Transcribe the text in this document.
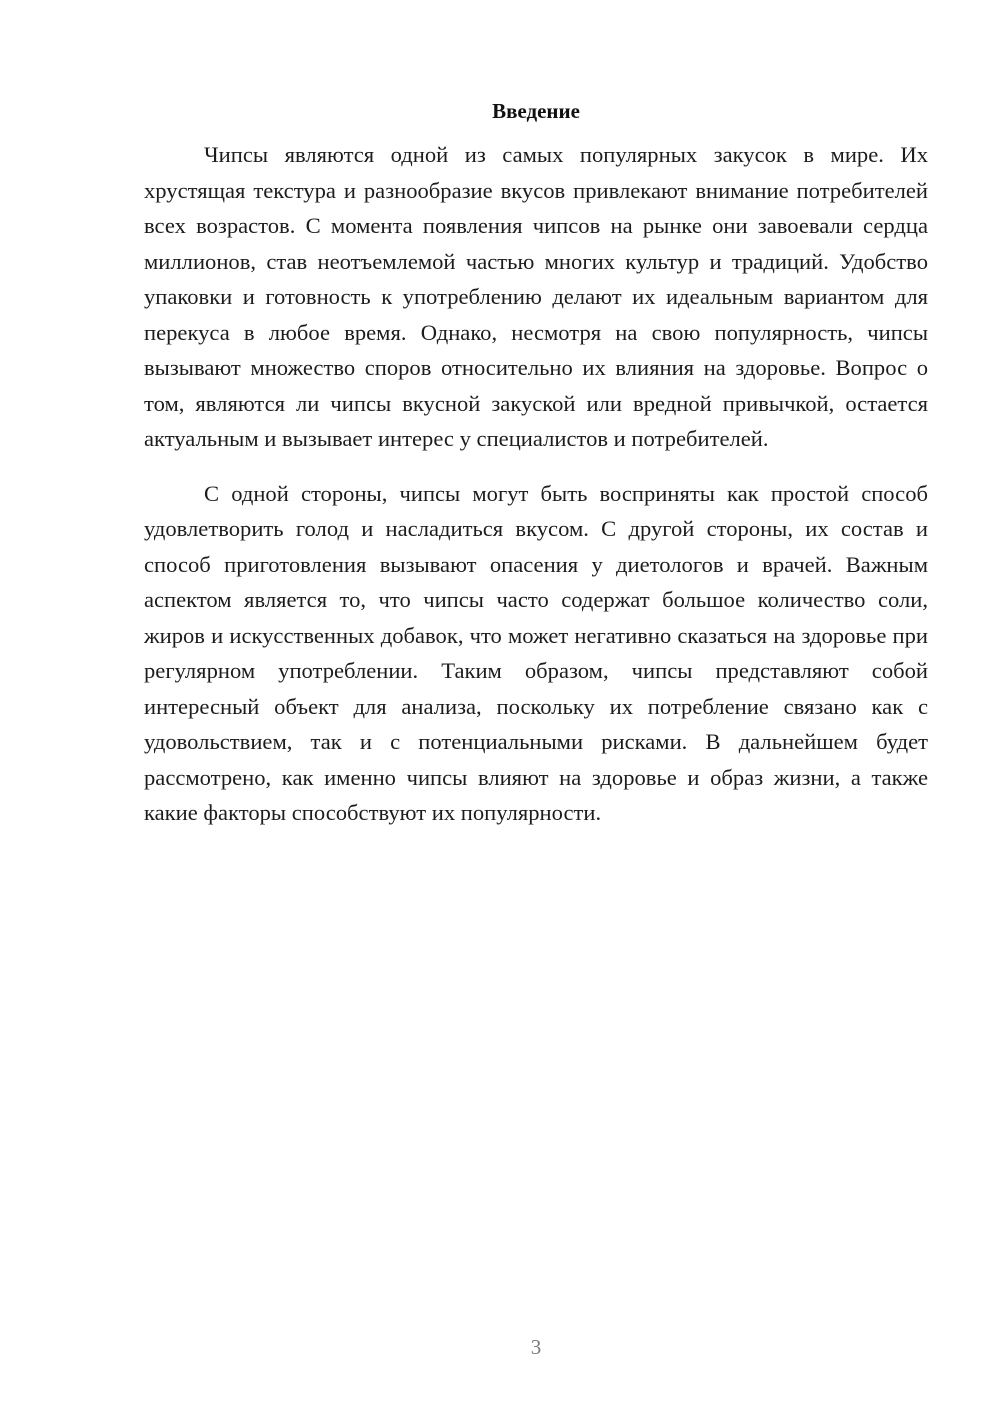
Введение

Чипсы являются одной из самых популярных закусок в мире. Их хрустящая текстура и разнообразие вкусов привлекают внимание потребителей всех возрастов. С момента появления чипсов на рынке они завоевали сердца миллионов, став неотъемлемой частью многих культур и традиций. Удобство упаковки и готовность к употреблению делают их идеальным вариантом для перекуса в любое время. Однако, несмотря на свою популярность, чипсы вызывают множество споров относительно их влияния на здоровье. Вопрос о том, являются ли чипсы вкусной закуской или вредной привычкой, остается актуальным и вызывает интерес у специалистов и потребителей.

С одной стороны, чипсы могут быть восприняты как простой способ удовлетворить голод и насладиться вкусом. С другой стороны, их состав и способ приготовления вызывают опасения у диетологов и врачей. Важным аспектом является то, что чипсы часто содержат большое количество соли, жиров и искусственных добавок, что может негативно сказаться на здоровье при регулярном употреблении. Таким образом, чипсы представляют собой интересный объект для анализа, поскольку их потребление связано как с удовольствием, так и с потенциальными рисками. В дальнейшем будет рассмотрено, как именно чипсы влияют на здоровье и образ жизни, а также какие факторы способствуют их популярности.

3
